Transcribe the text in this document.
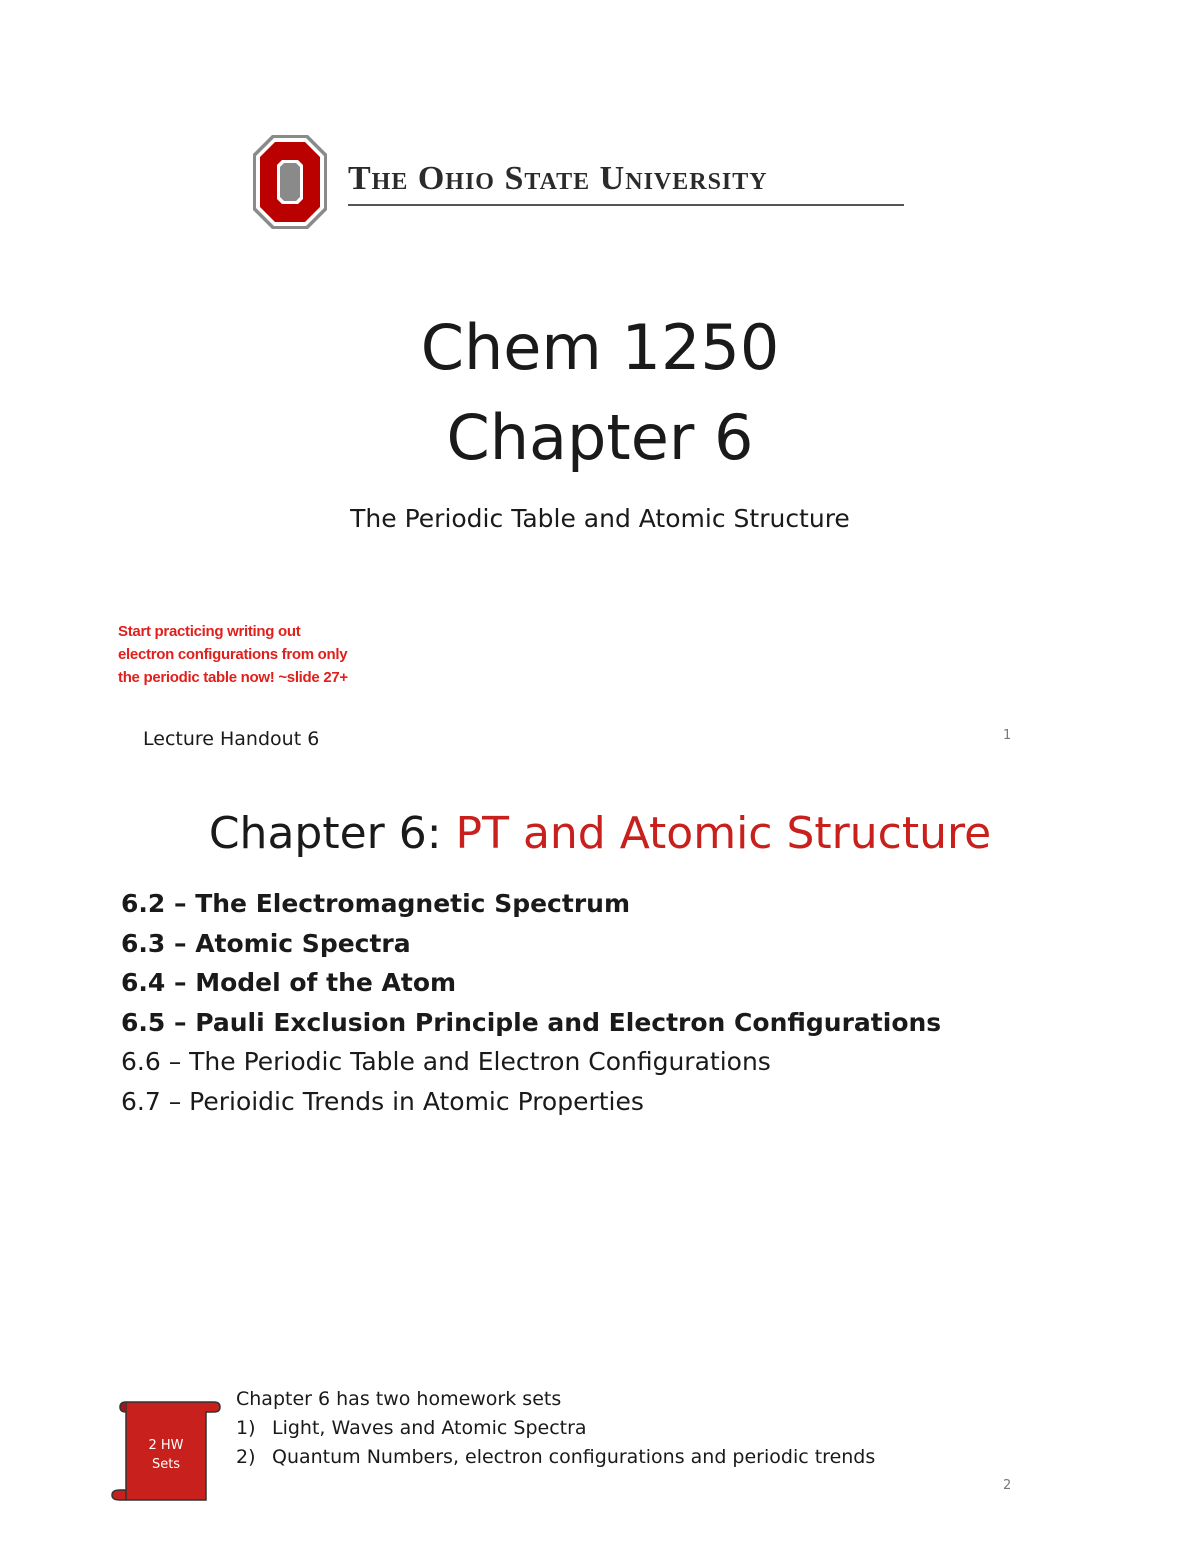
The Ohio State University
Chem 1250
Chapter 6
The Periodic Table and Atomic Structure
Start practicing writing out electron configurations from only the periodic table now! ~slide 27+
Lecture Handout 6	1
Chapter 6: PT and Atomic Structure
6.2 – The Electromagnetic Spectrum
6.3 – Atomic Spectra
6.4 – Model of the Atom
6.5 – Pauli Exclusion Principle and Electron Configurations
6.6 – The Periodic Table and Electron Configurations
6.7 – Perioidic Trends in Atomic Properties
2 HW
Sets
Chapter 6 has two homework sets
1) Light, Waves and Atomic Spectra
2) Quantum Numbers, electron configurations and periodic trends
2
